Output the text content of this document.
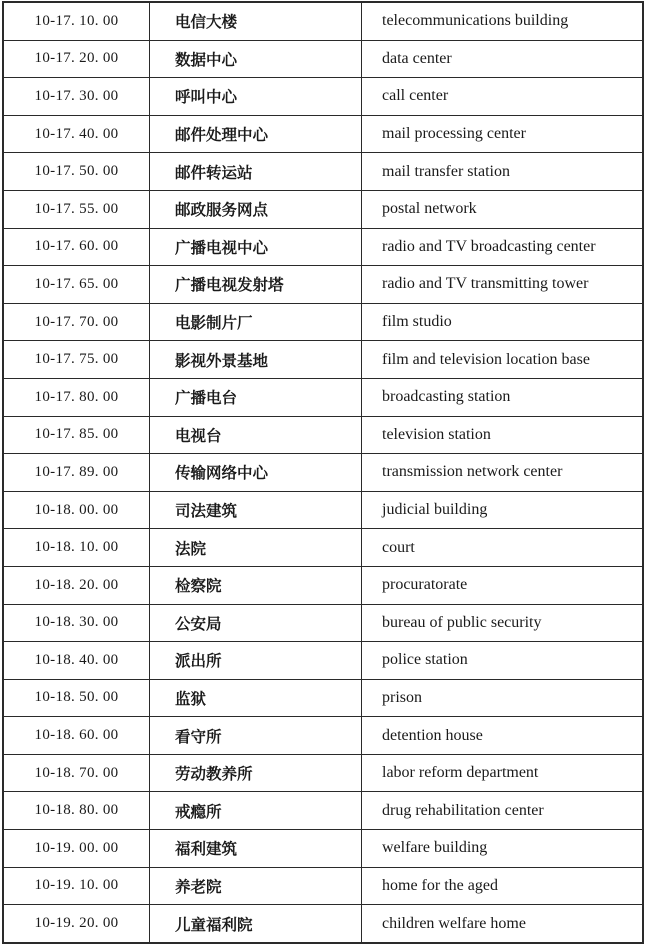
10-17. 10. 00	电信大楼	telecommunications building
10-17. 20. 00	数据中心	data center
10-17. 30. 00	呼叫中心	call center
10-17. 40. 00	邮件处理中心	mail processing center
10-17. 50. 00	邮件转运站	mail transfer station
10-17. 55. 00	邮政服务网点	postal network
10-17. 60. 00	广播电视中心	radio and TV broadcasting center
10-17. 65. 00	广播电视发射塔	radio and TV transmitting tower
10-17. 70. 00	电影制片厂	film studio
10-17. 75. 00	影视外景基地	film and television location base
10-17. 80. 00	广播电台	broadcasting station
10-17. 85. 00	电视台	television station
10-17. 89. 00	传输网络中心	transmission network center
10-18. 00. 00	司法建筑	judicial building
10-18. 10. 00	法院	court
10-18. 20. 00	检察院	procuratorate
10-18. 30. 00	公安局	bureau of public security
10-18. 40. 00	派出所	police station
10-18. 50. 00	监狱	prison
10-18. 60. 00	看守所	detention house
10-18. 70. 00	劳动教养所	labor reform department
10-18. 80. 00	戒瘾所	drug rehabilitation center
10-19. 00. 00	福利建筑	welfare building
10-19. 10. 00	养老院	home for the aged
10-19. 20. 00	儿童福利院	children welfare home
